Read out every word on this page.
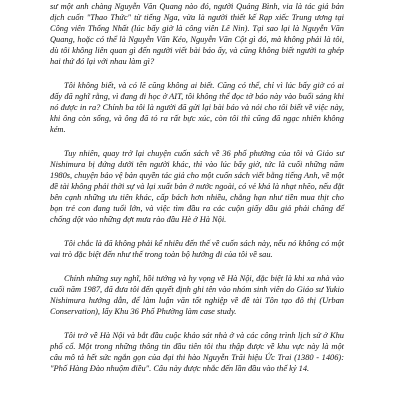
sư một anh chàng Nguyễn Văn Quang nào đó, người Quảng Bình, via là tác giả bản dịch cuốn "Thao Thức" từ tiếng Nga, vừa là người thiết kế Rạp xiếc Trung ương tại Công viên Thống Nhất (lúc bấy giờ là công viên Lê Nin). Tại sao lại là Nguyễn Văn Quang, hoặc có thể là Nguyễn Văn Kéo, Nguyễn Văn Cột gì đó, mà không phải là tôi, dù tôi không liên quan gì đến người viết bài báo ấy, và cũng không biết người ta ghép hai thứ đó lại với nhau làm gì?

Tôi không biết, và có lẽ cũng không ai biết. Cũng có thể, chỉ vì lúc bấy giờ có ai đấy đã nghĩ rằng, vì đang đi học ở AIT, tôi không thể đọc tờ báo này vào buổi sáng khi nó được in ra? Chính ba tôi là người đã gửi lại bài báo và nói cho tôi biết về việc này, khi ông còn sống, và ông đã tỏ ra rất bực xúc, còn tôi thì cũng đã ngạc nhiên không kém.

Tuy nhiên, quay trở lại chuyện cuốn sách về 36 phố phường của tôi và Giáo sư Nishimura bị đứng dưới tên người khác, thì vào lúc bấy giờ, tức là cuối những năm 1980s, chuyện bảo vệ bản quyền tác giả cho một cuốn sách viết bằng tiếng Anh, về một đề tài không phải thời sự và lại xuất bản ở nước ngoài, có vẻ khá là nhạt nhẽo, nếu đặt bên cạnh những ưu tiên khác, cấp bách hơn nhiều, chẳng hạn như tiền mua thịt cho bọn trẻ con đang tuổi lớn, và việc tìm đầu ra các cuộn giấy dầu giả phải chăng để chống dột vào những đợt mưa rào đầu Hè ở Hà Nội.

Tôi chắc là đã không phải kể nhiều đến thế về cuốn sách này, nếu nó không có một vai trò đặc biệt đến như thế trong toàn bộ hướng đi của tôi về sau.

Chính những suy nghĩ, hồi tưởng và hy vọng về Hà Nội, đặc biệt là khi xa nhà vào cuối năm 1987, đã đưa tôi đến quyết định ghi tên vào nhóm sinh viên do Giáo sư Yukio Nishimura hướng dẫn, để làm luận văn tốt nghiệp về đề tài Tôn tạo đô thị (Urban Conservation), lấy Khu 36 Phố Phường làm case study.

Tôi trở về Hà Nội và bắt đầu cuộc khảo sát nhà ở và các công trình lịch sử ở Khu phố cổ. Một trong những thông tin đầu tiên tôi thu thập được về khu vực này là một câu mô tả hết sức ngắn gọn của đại thi hào Nguyễn Trãi hiệu Ức Trai (1380 - 1406): "Phố Hàng Đào nhuộm điều". Câu này được nhắc đến lần đầu vào thế kỷ 14.
